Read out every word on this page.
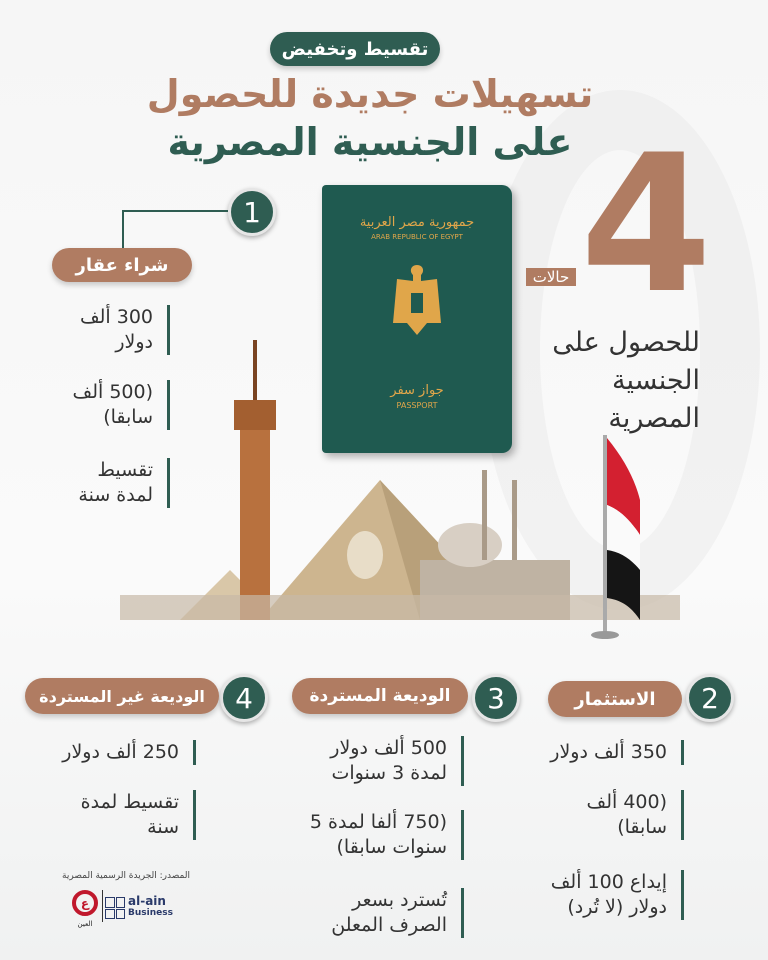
تقسيط وتخفيض
تسهيلات جديدة للحصول
على الجنسية المصرية
جمهورية مصر العربية
ARAB REPUBLIC OF EGYPT
جواز سفر
PASSPORT
4
حالات
للحصول على
الجنسية
المصرية
1
شراء عقار
300 ألف
دولار
(500 ألف
سابقا)
تقسيط
لمدة سنة
2
الاستثمار
350 ألف دولار
(400 ألف
سابقا)
إيداع 100 ألف
دولار (لا تُرد)
3
الوديعة المستردة
500 ألف دولار
لمدة 3 سنوات
(750 ألفا لمدة 5
سنوات سابقا)
تُسترد بسعر
الصرف المعلن
4
الوديعة غير المستردة
250 ألف دولار
تقسيط لمدة
سنة
المصدر: الجريدة الرسمية المصرية
ع
العين
al-ain
Business
